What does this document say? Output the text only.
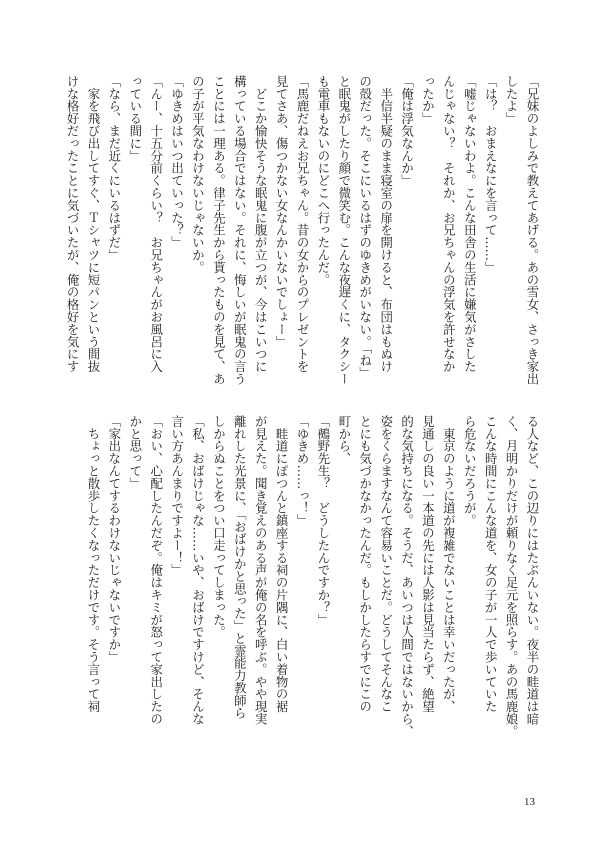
「兄妹のよしみで教えてあげる。あの雪女、さっき家出
したよ」
「は？　おまえなにを言って……」
「嘘じゃないわよ。こんな田舎の生活に嫌気がさした
んじゃない？　それか、お兄ちゃんの浮気を許せなか
ったか」
「俺は浮気なんか」
　半信半疑のまま寝室の扉を開けると、布団はもぬけ
の殻だった。そこにいるはずのゆきめがいない。「ね」
と眠鬼がしたり顔で微笑む。こんな夜遅くに、タクシー
も電車もないのにどこへ行ったんだ。
「馬鹿だねえお兄ちゃん。昔の女からのプレゼントを
見てさあ、傷つかない女なんかいないでしょー」
　どこか愉快そうな眠鬼に腹が立つが、今はこいつに
構っている場合ではない。それに、悔しいが眠鬼の言う
ことには一理ある。律子先生から貰ったものを見て、あ
の子が平気なわけないじゃないか。
「ゆきめはいつ出ていった？」
「んー、十五分前くらい？　お兄ちゃんがお風呂に入
っている間に」
「なら、まだ近くにいるはずだ」
　家を飛び出してすぐ、Ｔシャツに短パンという間抜
けな格好だったことに気づいたが、俺の格好を気にす
る人など、この辺りにはたぶんいない。夜半の畦道は暗
く、月明かりだけが頼りなく足元を照らす。あの馬鹿娘。
こんな時間にこんな道を、女の子が一人で歩いていた
ら危ないだろうが。
　東京のように道が複雑でないことは幸いだったが、
見通しの良い一本道の先には人影は見当たらず、絶望
的な気持ちになる。そうだ、あいつは人間ではないから、
姿をくらますなんて容易いことだ。どうしてそんなこ
とにも気づかなかったんだ。もしかしたらすでにこの
町から、
「鵺野先生？　どうしたんですか？」
「ゆきめ……っ！」
　畦道にぽつんと鎮座する祠の片隅に、白い着物の裾
が見えた。聞き覚えのある声が俺の名を呼ぶ。やや現実
離れした光景に、「おばけかと思った」と霊能力教師ら
しからぬことをつい口走ってしまった。
「私、おばけじゃな……いや、おばけですけど、そんな
言い方あんまりですよー！」
「おい、心配したんだぞ。俺はキミが怒って家出したの
かと思って」
「家出なんてするわけないじゃないですか」
　ちょっと散歩したくなっただけです。そう言って祠
13
